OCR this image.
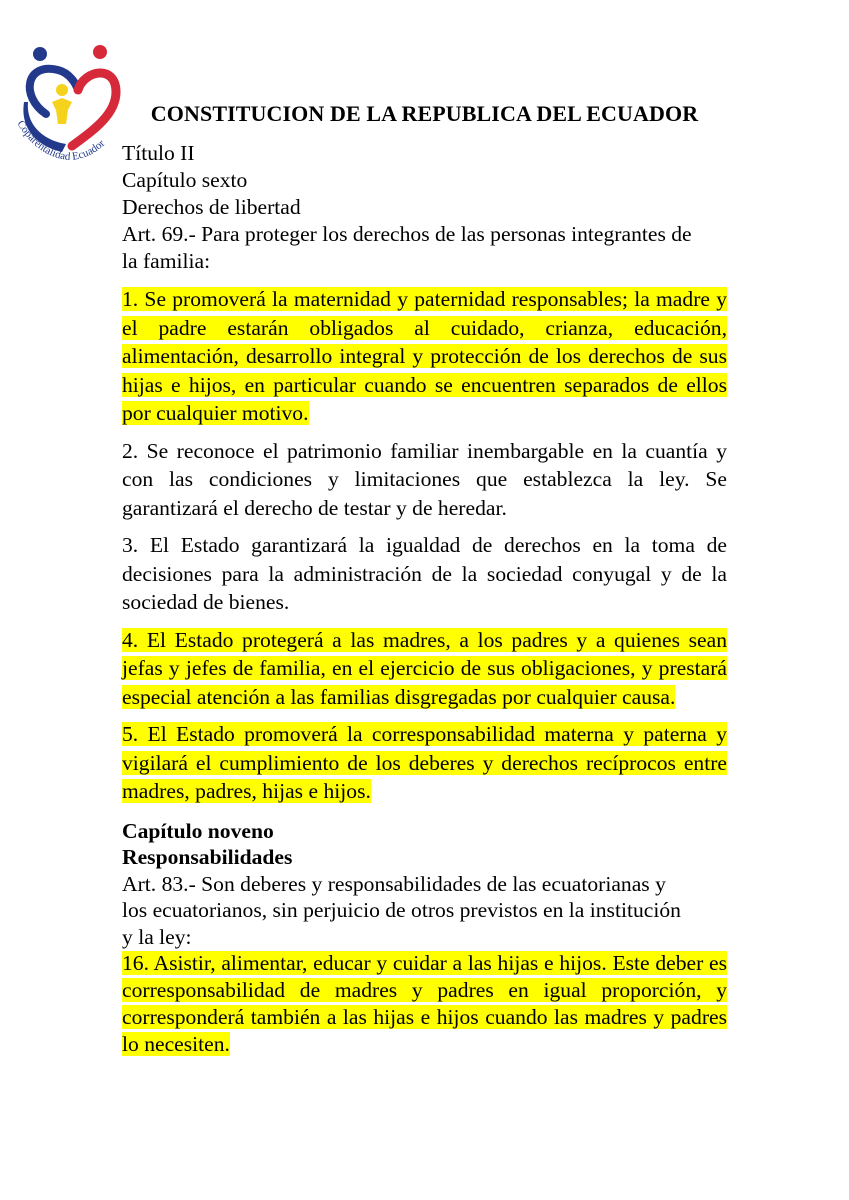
Coparentalidad Ecuador
CONSTITUCION DE LA REPUBLICA DEL ECUADOR
Título II
Capítulo sexto
Derechos de libertad
Art. 69.- Para proteger los derechos de las personas integrantes de
la familia:
1. Se promoverá la maternidad y paternidad responsables; la madre y el padre estarán obligados al cuidado, crianza, educación, alimentación, desarrollo integral y protección de los derechos de sus hijas e hijos, en particular cuando se encuentren separados de ellos por cualquier motivo.
2. Se reconoce el patrimonio familiar inembargable en la cuantía y con las condiciones y limitaciones que establezca la ley. Se garantizará el derecho de testar y de heredar.
3. El Estado garantizará la igualdad de derechos en la toma de decisiones para la administración de la sociedad conyugal y de la sociedad de bienes.
4. El Estado protegerá a las madres, a los padres y a quienes sean jefas y jefes de familia, en el ejercicio de sus obligaciones, y prestará especial atención a las familias disgregadas por cualquier causa.
5. El Estado promoverá la corresponsabilidad materna y paterna y vigilará el cumplimiento de los deberes y derechos recíprocos entre madres, padres, hijas e hijos.
Capítulo noveno
Responsabilidades
Art. 83.- Son deberes y responsabilidades de las ecuatorianas y
los ecuatorianos, sin perjuicio de otros previstos en la institución
y la ley:
16. Asistir, alimentar, educar y cuidar a las hijas e hijos. Este deber es corresponsabilidad de madres y padres en igual proporción, y corresponderá también a las hijas e hijos cuando las madres y padres lo necesiten.
